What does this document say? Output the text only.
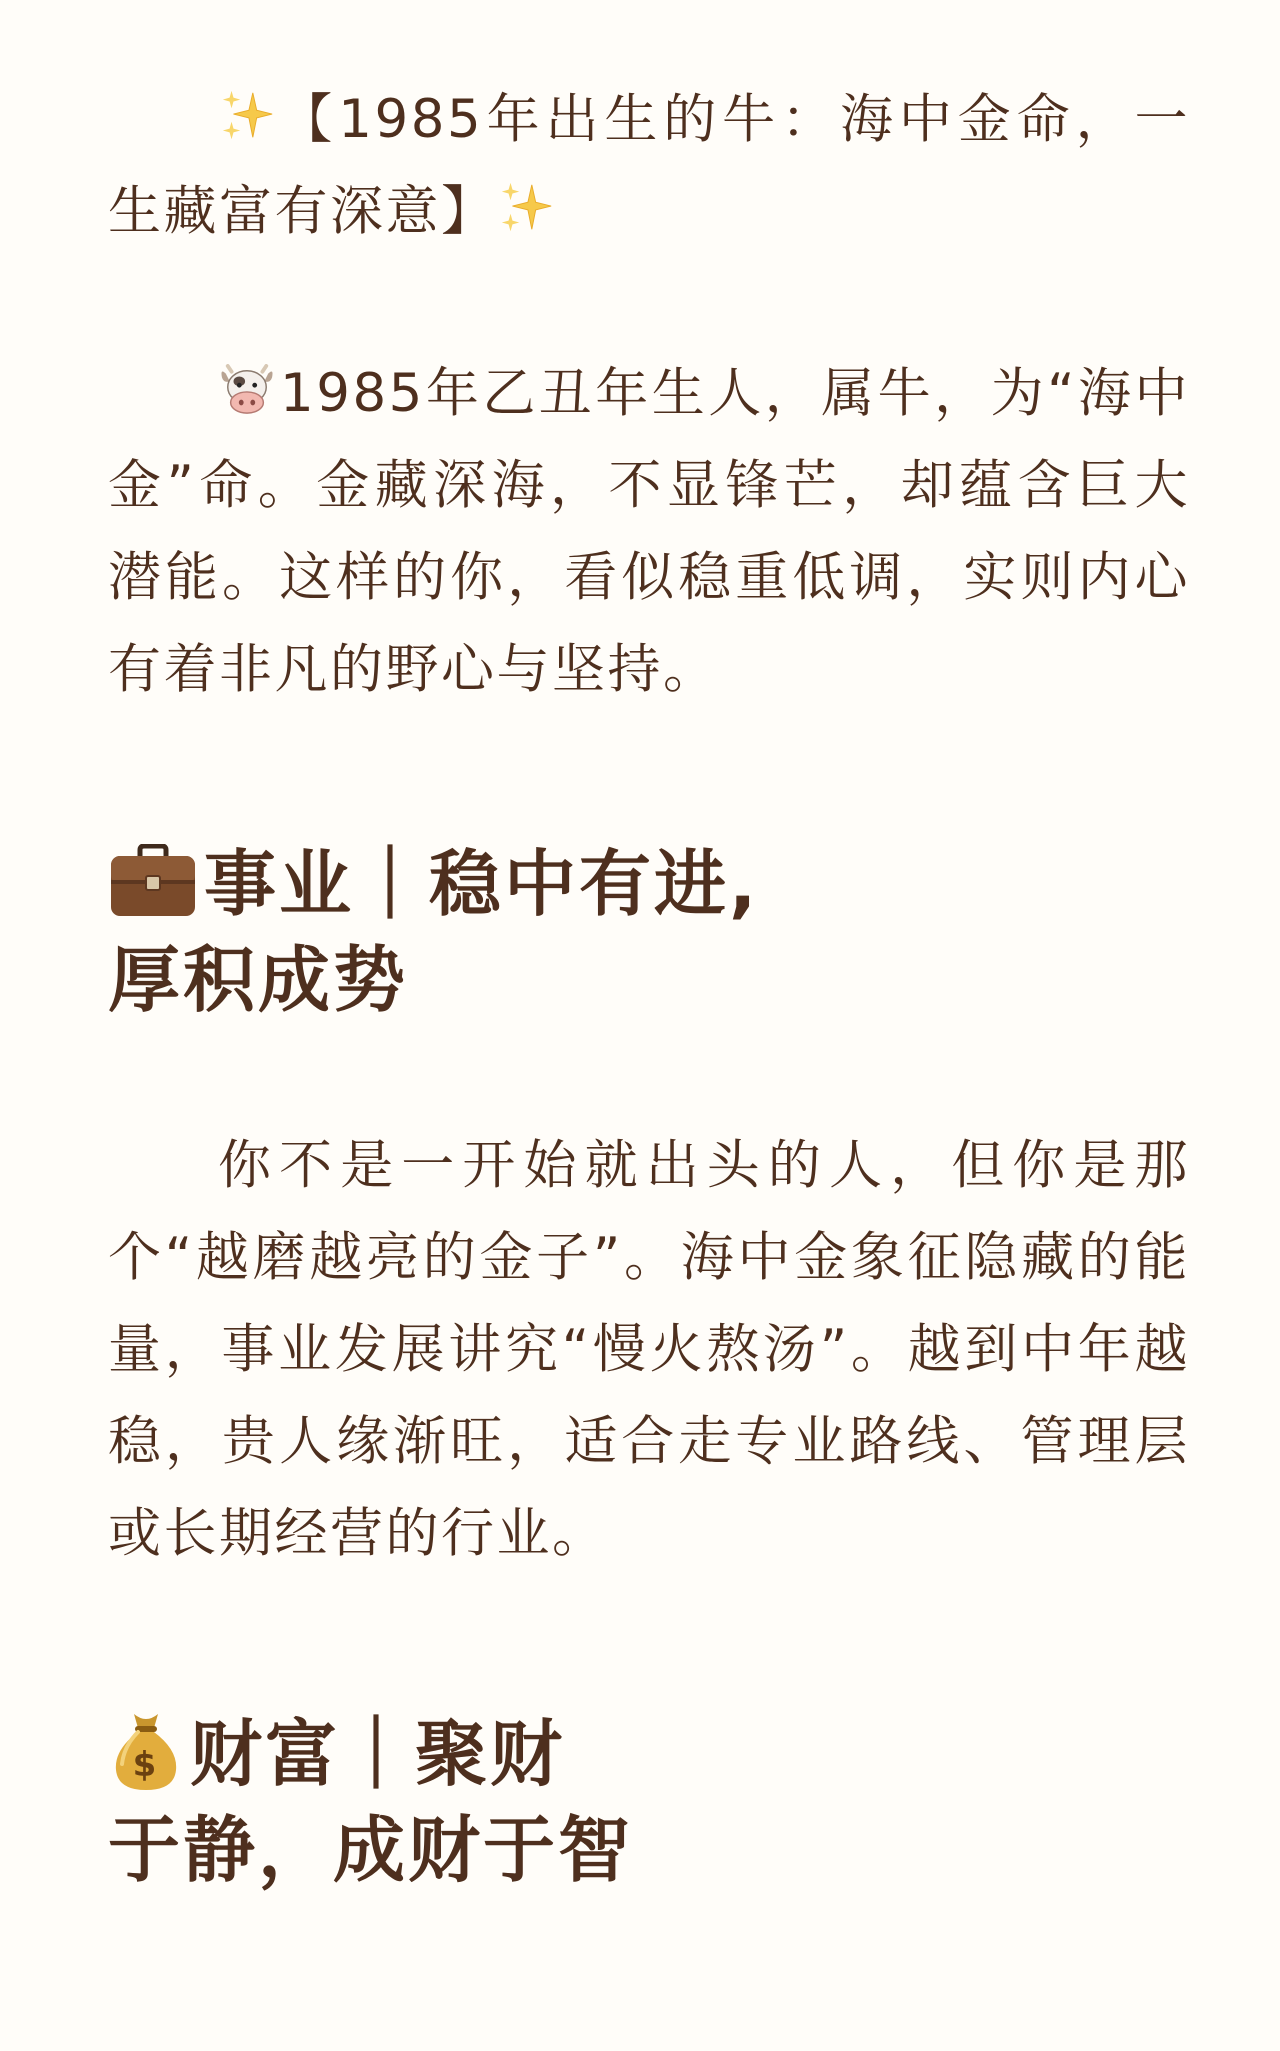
【1985年出生的牛：海中金命，一生藏富有深意】

1985年乙丑年生人，属牛，为“海中金”命。金藏深海，不显锋芒，却蕴含巨大潜能。这样的你，看似稳重低调，实则内心有着非凡的野心与坚持。

事业｜稳中有进,
厚积成势

你不是一开始就出头的人，但你是那个“越磨越亮的金子”。海中金象征隐藏的能量，事业发展讲究“慢火熬汤”。越到中年越稳，贵人缘渐旺，适合走专业路线、管理层或长期经营的行业。

$ 财富｜聚财
于静，成财于智
